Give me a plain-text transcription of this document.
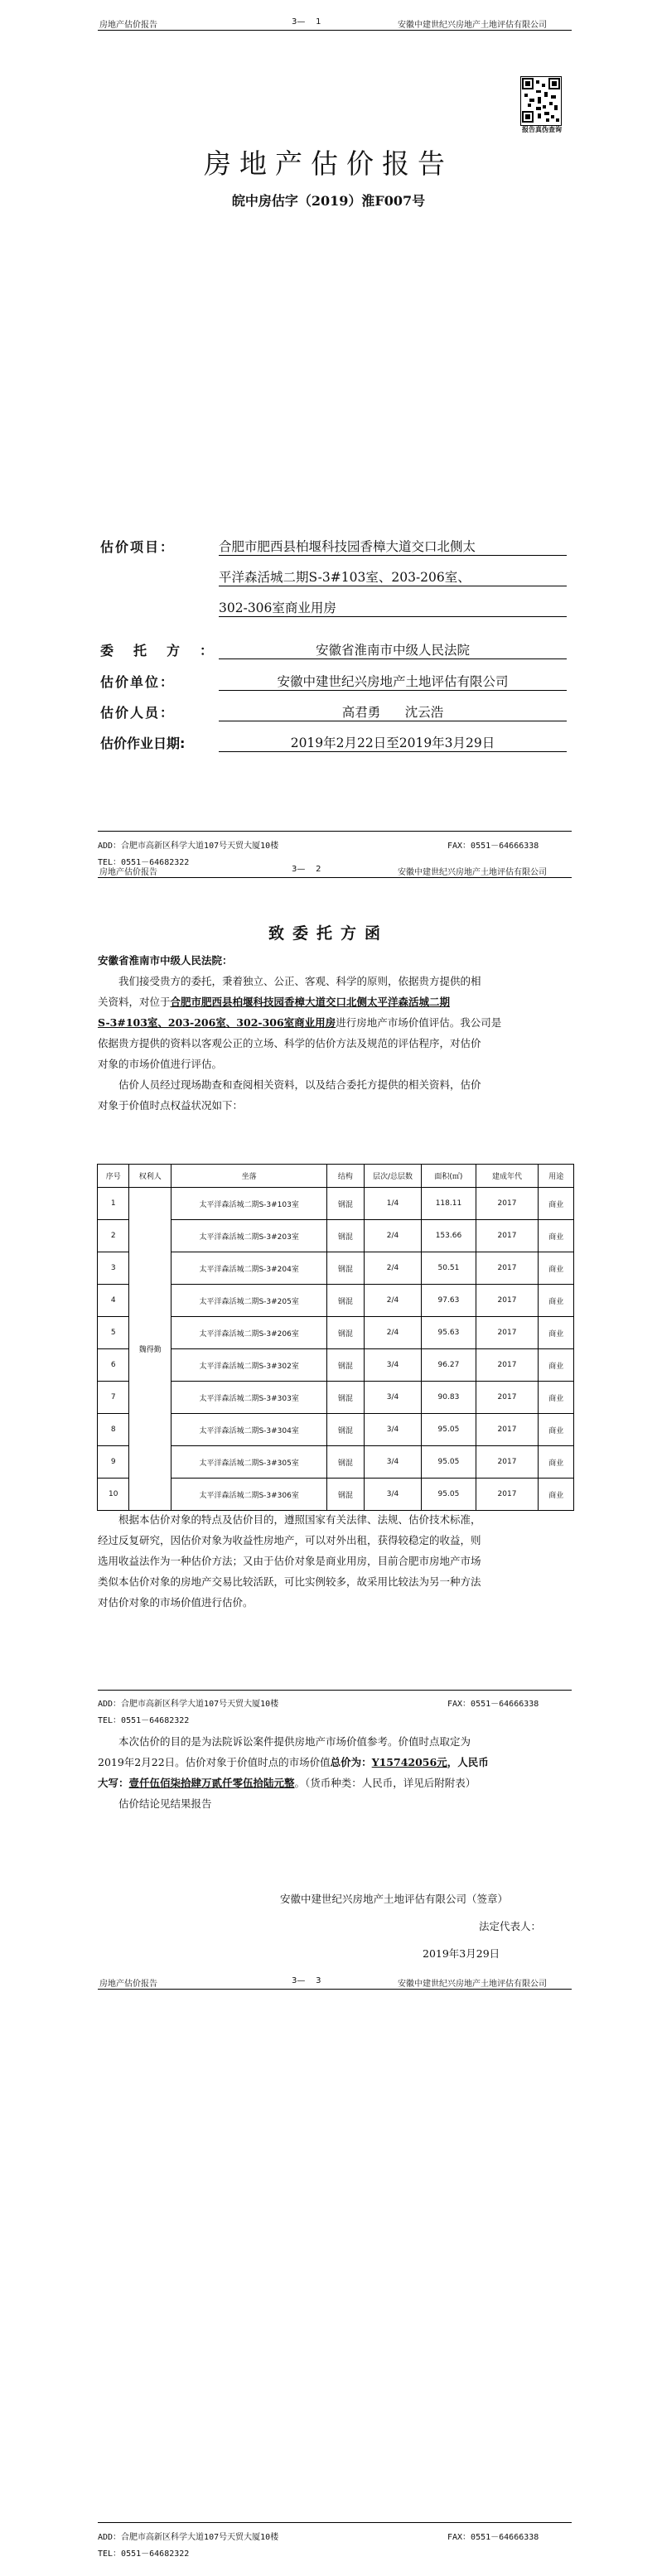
房地产估价报告	3— 1	安徽中建世纪兴房地产土地评估有限公司
报告真伪查询
房地产估价报告
皖中房估字（2019）淮F007号
估价项目：	合肥市肥西县柏堰科技园香樟大道交口北侧太
平洋森活城二期S-3#103室、203-206室、
302-306室商业用房
委托方：	安徽省淮南市中级人民法院
估价单位：	安徽中建世纪兴房地产土地评估有限公司
估价人员：	高君勇 沈云浩
估价作业日期:	2019年2月22日至2019年3月29日
ADD：合肥市高新区科学大道107号天贸大厦10楼	FAX：0551－64666338
TEL：0551－64682322
房地产估价报告	3— 2	安徽中建世纪兴房地产土地评估有限公司
致委托方函
安徽省淮南市中级人民法院：
我们接受贵方的委托，秉着独立、公正、客观、科学的原则，依据贵方提供的相
关资料，对位于合肥市肥西县柏堰科技园香樟大道交口北侧太平洋森活城二期
S-3#103室、203-206室、302-306室商业用房进行房地产市场价值评估。我公司是
依据贵方提供的资料以客观公正的立场、科学的估价方法及规范的评估程序，对估价
对象的市场价值进行评估。
估价人员经过现场勘查和查阅相关资料，以及结合委托方提供的相关资料，估价
对象于价值时点权益状况如下：
序号	权利人	坐落	结构	层次/总层数	面积(㎡)	建成年代	用途
1	魏得勤	太平洋森活城二期S-3#103室	钢混	1/4	118.11	2017	商业
2		太平洋森活城二期S-3#203室	钢混	2/4	153.66	2017	商业
3		太平洋森活城二期S-3#204室	钢混	2/4	50.51	2017	商业
4		太平洋森活城二期S-3#205室	钢混	2/4	97.63	2017	商业
5		太平洋森活城二期S-3#206室	钢混	2/4	95.63	2017	商业
6		太平洋森活城二期S-3#302室	钢混	3/4	96.27	2017	商业
7		太平洋森活城二期S-3#303室	钢混	3/4	90.83	2017	商业
8		太平洋森活城二期S-3#304室	钢混	3/4	95.05	2017	商业
9		太平洋森活城二期S-3#305室	钢混	3/4	95.05	2017	商业
10		太平洋森活城二期S-3#306室	钢混	3/4	95.05	2017	商业
根据本估价对象的特点及估价目的，遵照国家有关法律、法规、估价技术标准，
经过反复研究，因估价对象为收益性房地产，可以对外出租，获得较稳定的收益，则
选用收益法作为一种估价方法；又由于估价对象是商业用房，目前合肥市房地产市场
类似本估价对象的房地产交易比较活跃，可比实例较多，故采用比较法为另一种方法
对估价对象的市场价值进行估价。
ADD：合肥市高新区科学大道107号天贸大厦10楼	FAX：0551－64666338
TEL：0551－64682322
本次估价的目的是为法院诉讼案件提供房地产市场价值参考。价值时点取定为
2019年2月22日。估价对象于价值时点的市场价值总价为：Y15742056元，人民币
大写：壹仟伍佰柒拾肆万贰仟零伍拾陆元整。（货币种类：人民币，详见后附附表）
估价结论见结果报告
安徽中建世纪兴房地产土地评估有限公司（签章）
法定代表人：
2019年3月29日
房地产估价报告	3— 3	安徽中建世纪兴房地产土地评估有限公司
ADD：合肥市高新区科学大道107号天贸大厦10楼	FAX：0551－64666338
TEL：0551－64682322
